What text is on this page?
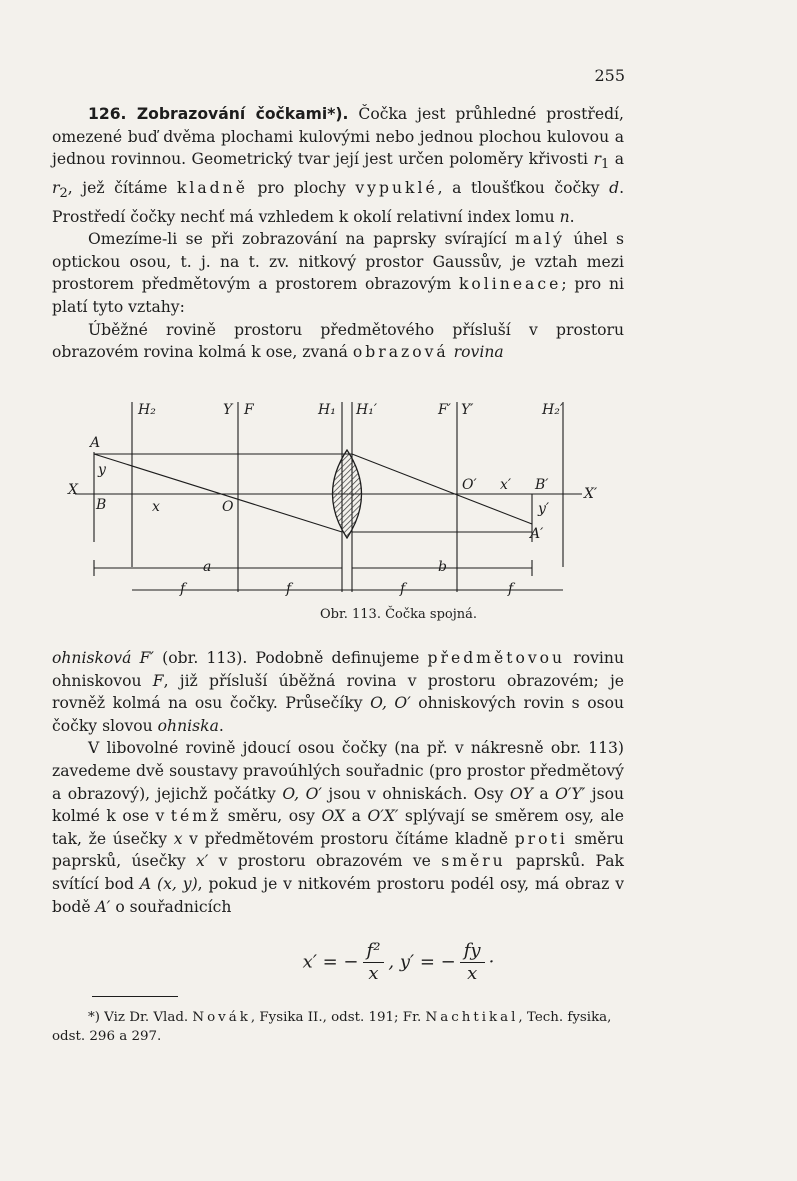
255

126. Zobrazování čočkami*). Čočka jest průhledné prostředí, omezené buď dvěma plochami kulovými nebo jednou plochou kulovou a jednou rovinnou. Geometrický tvar její jest určen poloměry křivosti $r_1$ a $r_2$, jež čítáme kladně pro plochy vypuklé, a tloušťkou čočky d. Prostředí čočky nechť má vzhledem k okolí relativní index lomu n.

Omezíme-li se při zobrazování na paprsky svírající malý úhel s optickou osou, t. j. na t. zv. nitkový prostor Gaussův, je vztah mezi prostorem předmětovým a prostorem obrazovým kolineace; pro ni platí tyto vztahy:

Úběžné rovině prostoru předmětového přísluší v prostoru obrazovém rovina kolmá k ose, zvaná obrazová rovina

H₂	Y F	H₁ H₁′	F′ Y′	H₂′
A
y
X
B	x	O
O′ x′ B′
X′
y′
A′
a	b
f	f	f	f
Obr. 113. Čočka spojná.

ohnisková F′ (obr. 113). Podobně definujeme předmětovou rovinu ohniskovou F, již přísluší úběžná rovina v prostoru obrazovém; je rovněž kolmá na osu čočky. Průsečíky O, O′ ohniskových rovin s osou čočky slovou ohniska.

V libovolné rovině jdoucí osou čočky (na př. v nákresně obr. 113) zavedeme dvě soustavy pravoúhlých souřadnic (pro prostor předmětový a obrazový), jejichž počátky O, O′ jsou v ohniskách. Osy OY a O′Y′ jsou kolmé k ose v témž směru, osy OX a O′X′ splývají se směrem osy, ale tak, že úsečky x v předmětovém prostoru čítáme kladně proti směru paprsků, úsečky x′ v prostoru obrazovém ve směru paprsků. Pak svítící bod A (x, y), pokud je v nitkovém prostoru podél osy, má obraz v bodě A′ o souřadnicích

x′ = − $\frac{\text{f²}}{x}$ , y′ = − $\frac{fy}{x}$ ·

*) Viz Dr. Vlad. Novák, Fysika II., odst. 191; Fr. Nachtikal, Tech. fysika, odst. 296 a 297.
